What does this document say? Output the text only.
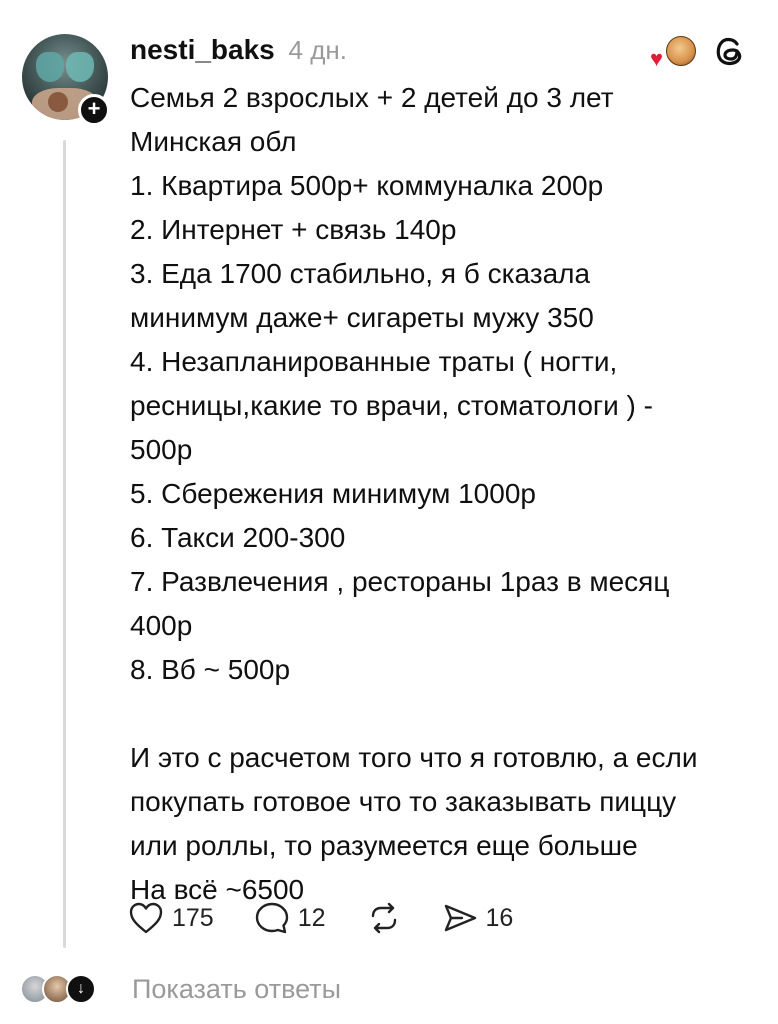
+
nesti_baks 4 дн.	♥
Семья 2 взрослых + 2 детей до 3 лет
Минская обл
1. Квартира 500р+ коммуналка 200р
2. Интернет + связь 140р
3. Еда 1700 стабильно, я б сказала
минимум даже+ сигареты мужу 350
4. Незапланированные траты ( ногти,
ресницы,какие то врачи, стоматологи ) -
500р
5. Сбережения минимум 1000р
6. Такси 200-300
7. Развлечения , рестораны 1раз в месяц
400р
8. Вб ~ 500р
И это с расчетом того что я готовлю, а если
покупать готовое что то заказывать пиццу
или роллы, то разумеется еще больше
На всё ~6500
175	12	16
↓	Показать ответы
